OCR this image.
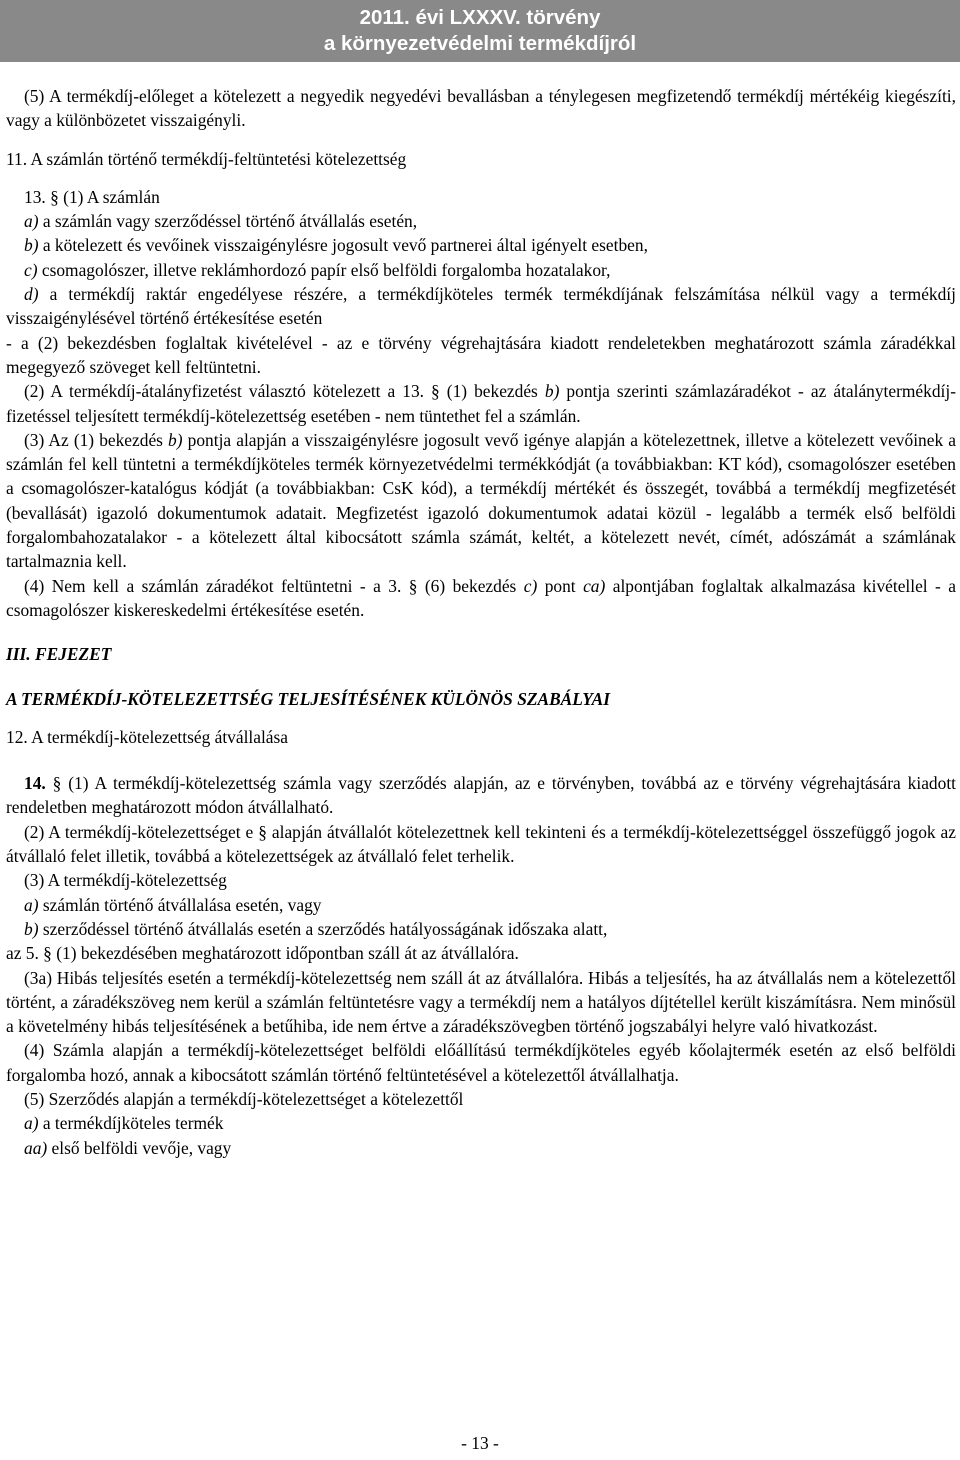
2011. évi LXXXV. törvény
a környezetvédelmi termékdíjról

(5) A termékdíj-előleget a kötelezett a negyedik negyedévi bevallásban a ténylegesen megfizetendő termékdíj mértékéig kiegészíti, vagy a különbözetet visszaigényli.

11. A számlán történő termékdíj-feltüntetési kötelezettség

13. § (1) A számlán

a) a számlán vagy szerződéssel történő átvállalás esetén,

b) a kötelezett és vevőinek visszaigénylésre jogosult vevő partnerei által igényelt esetben,

c) csomagolószer, illetve reklámhordozó papír első belföldi forgalomba hozatalakor,

d) a termékdíj raktár engedélyese részére, a termékdíjköteles termék termékdíjának felszámítása nélkül vagy a termékdíj visszaigénylésével történő értékesítése esetén

- a (2) bekezdésben foglaltak kivételével - az e törvény végrehajtására kiadott rendeletekben meghatározott számla záradékkal megegyező szöveget kell feltüntetni.

(2) A termékdíj-átalányfizetést választó kötelezett a 13. § (1) bekezdés b) pontja szerinti számlazáradékot - az átalánytermékdíj-fizetéssel teljesített termékdíj-kötelezettség esetében - nem tüntethet fel a számlán.

(3) Az (1) bekezdés b) pontja alapján a visszaigénylésre jogosult vevő igénye alapján a kötelezettnek, illetve a kötelezett vevőinek a számlán fel kell tüntetni a termékdíjköteles termék környezetvédelmi termékkódját (a továbbiakban: KT kód), csomagolószer esetében a csomagolószer-katalógus kódját (a továbbiakban: CsK kód), a termékdíj mértékét és összegét, továbbá a termékdíj megfizetését (bevallását) igazoló dokumentumok adatait. Megfizetést igazoló dokumentumok adatai közül - legalább a termék első belföldi forgalombahozatalakor - a kötelezett által kibocsátott számla számát, keltét, a kötelezett nevét, címét, adószámát a számlának tartalmaznia kell.

(4) Nem kell a számlán záradékot feltüntetni - a 3. § (6) bekezdés c) pont ca) alpontjában foglaltak alkalmazása kivétellel - a csomagolószer kiskereskedelmi értékesítése esetén.

III. FEJEZET

A TERMÉKDÍJ-KÖTELEZETTSÉG TELJESÍTÉSÉNEK KÜLÖNÖS SZABÁLYAI

12. A termékdíj-kötelezettség átvállalása

14. § (1) A termékdíj-kötelezettség számla vagy szerződés alapján, az e törvényben, továbbá az e törvény végrehajtására kiadott rendeletben meghatározott módon átvállalható.

(2) A termékdíj-kötelezettséget e § alapján átvállalót kötelezettnek kell tekinteni és a termékdíj-kötelezettséggel összefüggő jogok az átvállaló felet illetik, továbbá a kötelezettségek az átvállaló felet terhelik.

(3) A termékdíj-kötelezettség

a) számlán történő átvállalása esetén, vagy

b) szerződéssel történő átvállalás esetén a szerződés hatályosságának időszaka alatt,

az 5. § (1) bekezdésében meghatározott időpontban száll át az átvállalóra.

(3a) Hibás teljesítés esetén a termékdíj-kötelezettség nem száll át az átvállalóra. Hibás a teljesítés, ha az átvállalás nem a kötelezettől történt, a záradékszöveg nem kerül a számlán feltüntetésre vagy a termékdíj nem a hatályos díjtétellel került kiszámításra. Nem minősül a követelmény hibás teljesítésének a betűhiba, ide nem értve a záradékszövegben történő jogszabályi helyre való hivatkozást.

(4) Számla alapján a termékdíj-kötelezettséget belföldi előállítású termékdíjköteles egyéb kőolajtermék esetén az első belföldi forgalomba hozó, annak a kibocsátott számlán történő feltüntetésével a kötelezettől átvállalhatja.

(5) Szerződés alapján a termékdíj-kötelezettséget a kötelezettől

a) a termékdíjköteles termék

aa) első belföldi vevője, vagy

- 13 -
